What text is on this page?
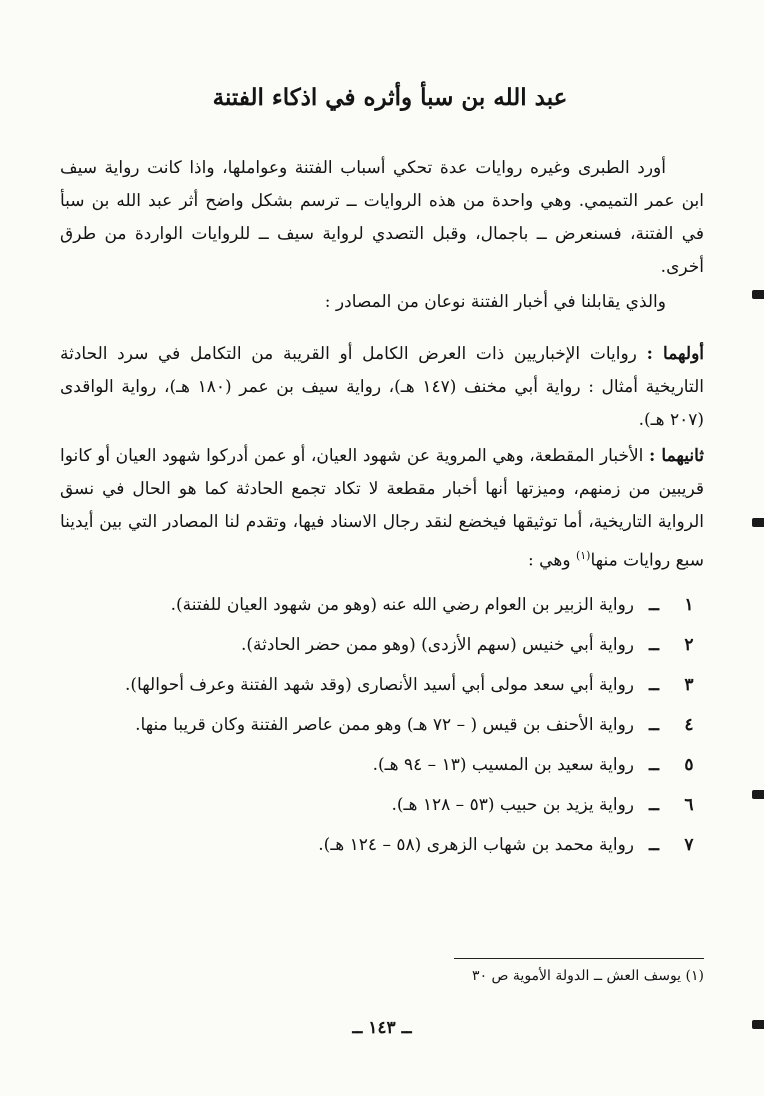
عبد الله بن سبأ وأثره في اذكاء الفتنة

أورد الطبرى وغيره روايات عدة تحكي أسباب الفتنة وعواملها، واذا كانت رواية سيف ابن عمر التميمي. وهي واحدة من هذه الروايات ــ ترسم بشكل واضح أثر عبد الله بن سبأ في الفتنة، فسنعرض ــ باجمال، وقبل التصدي لرواية سيف ــ للروايات الواردة من طرق أخرى.

والذي يقابلنا في أخبار الفتنة نوعان من المصادر :

أولهما : روايات الإخباريين ذات العرض الكامل أو القريبة من التكامل في سرد الحادثة التاريخية أمثال : رواية أبي مخنف (١٤٧ هـ)، رواية سيف بن عمر (١٨٠ هـ)، رواية الواقدى (٢٠٧ هـ).

ثانيهما : الأخبار المقطعة، وهي المروية عن شهود العيان، أو عمن أدركوا شهود العيان أو كانوا قريبين من زمنهم، وميزتها أنها أخبار مقطعة لا تكاد تجمع الحادثة كما هو الحال في نسق الرواية التاريخية، أما توثيقها فيخضع لنقد رجال الاسناد فيها، وتقدم لنا المصادر التي بين أيدينا سبع روايات منها$^{(١)}$ وهي :

١
ــ
رواية الزبير بن العوام رضي الله عنه (وهو من شهود العيان للفتنة).
٢
ــ
رواية أبي خنيس (سهم الأزدى) (وهو ممن حضر الحادثة).
٣
ــ
رواية أبي سعد مولى أبي أسيد الأنصارى (وقد شهد الفتنة وعرف أحوالها).
٤
ــ
رواية الأحنف بن قيس ( – ٧٢ هـ) وهو ممن عاصر الفتنة وكان قريبا منها.
٥
ــ
رواية سعيد بن المسيب (١٣ – ٩٤ هـ).
٦
ــ
رواية يزيد بن حبيب (٥٣ – ١٢٨ هـ).
٧
ــ
رواية محمد بن شهاب الزهرى (٥٨ – ١٢٤ هـ).
(١) يوسف العش ــ الدولة الأموية ص ٣٠
ــ ١٤٣ ــ
